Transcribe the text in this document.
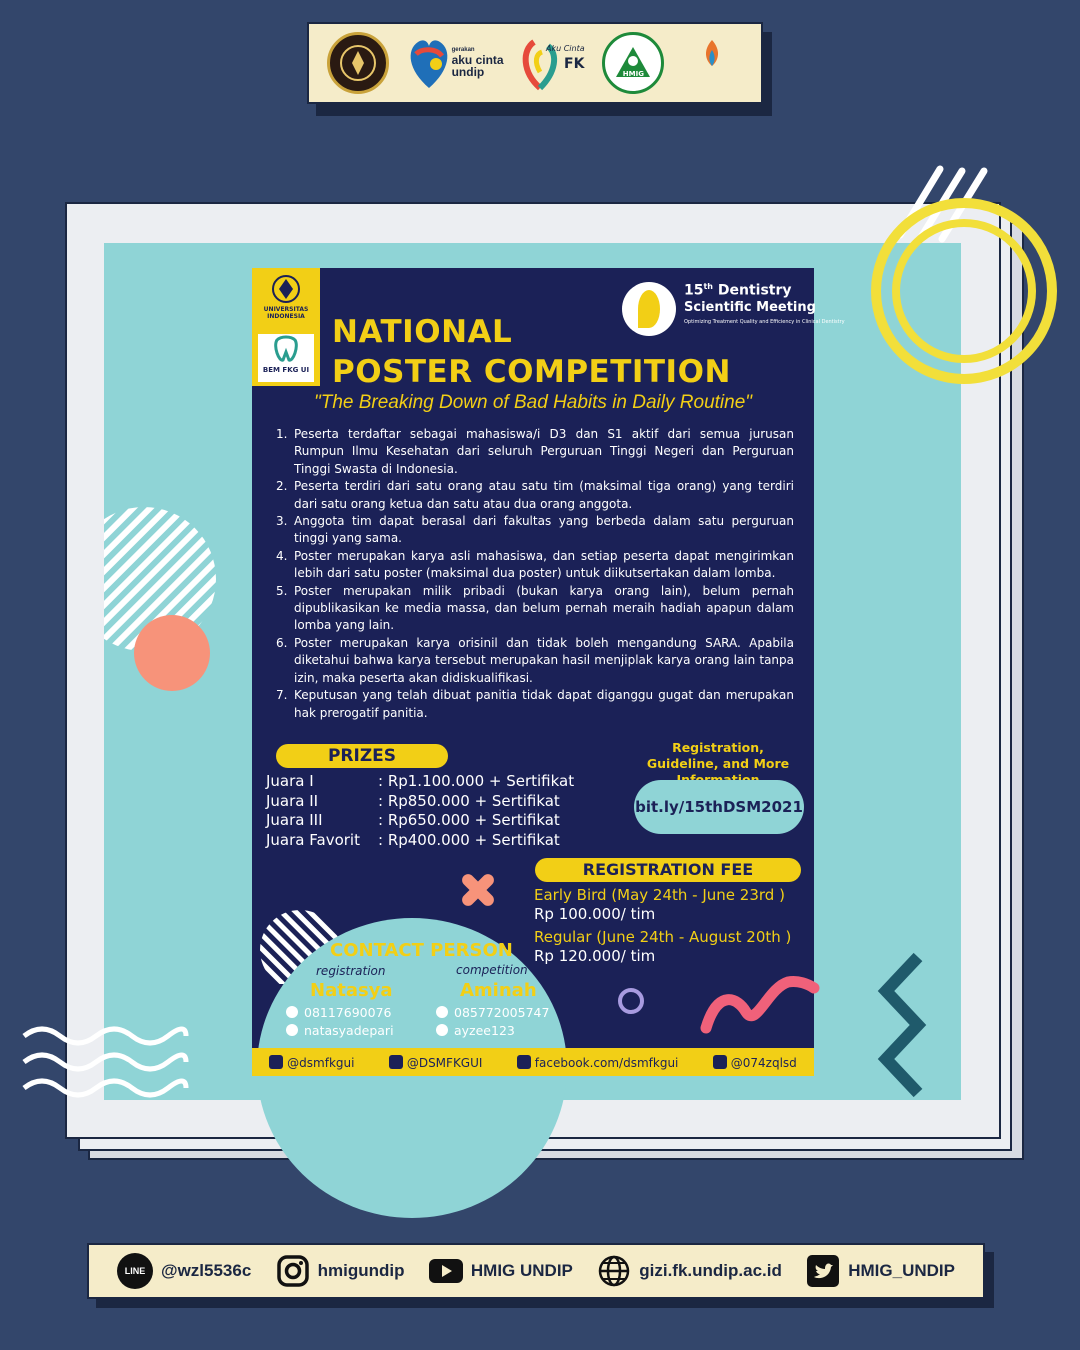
gerakan
aku cinta
undip
Aku Cinta
FK
HMIG
UNIVERSITAS INDONESIA
BEM FKG UI
15th Dentistry
Scientific Meeting
Optimizing Treatment Quality and Efficiency in Clinical Dentistry
NATIONAL
POSTER COMPETITION
"The Breaking Down of Bad Habits in Daily Routine"
1. Peserta terdaftar sebagai mahasiswa/i D3 dan S1 aktif dari semua jurusan Rumpun Ilmu Kesehatan dari seluruh Perguruan Tinggi Negeri dan Perguruan Tinggi Swasta di Indonesia.
2. Peserta terdiri dari satu orang atau satu tim (maksimal tiga orang) yang terdiri dari satu orang ketua dan satu atau dua orang anggota.
3. Anggota tim dapat berasal dari fakultas yang berbeda dalam satu perguruan tinggi yang sama.
4. Poster merupakan karya asli mahasiswa, dan setiap peserta dapat mengirimkan lebih dari satu poster (maksimal dua poster) untuk diikutsertakan dalam lomba.
5. Poster merupakan milik pribadi (bukan karya orang lain), belum pernah dipublikasikan ke media massa, dan belum pernah meraih hadiah apapun dalam lomba yang lain.
6. Poster merupakan karya orisinil dan tidak boleh mengandung SARA. Apabila diketahui bahwa karya tersebut merupakan hasil menjiplak karya orang lain tanpa izin, maka peserta akan didiskualifikasi.
7. Keputusan yang telah dibuat panitia tidak dapat diganggu gugat dan merupakan hak prerogatif panitia.
PRIZES
Juara I	: Rp1.100.000 + Sertifikat
Juara II	: Rp850.000 + Sertifikat
Juara III	: Rp650.000 + Sertifikat
Juara Favorit	: Rp400.000 + Sertifikat
Registration, Guideline, and More
bit.ly/15thDSM2021
REGISTRATION FEE
Early Bird (May 24th - June 23rd )
Rp 100.000/ tim
Regular (June 24th - August 20th )
Rp 120.000/ tim
CONTACT PERSON
registration
Natasya
08117690076
natasyadepari
competition
Aminah
085772005747
ayzee123
@dsmfkgui	@DSMFKGUI	facebook.com/dsmfkgui	@074zqlsd
LINE @wzl5536c	hmigundip	HMIG UNDIP	gizi.fk.undip.ac.id	HMIG_UNDIP
